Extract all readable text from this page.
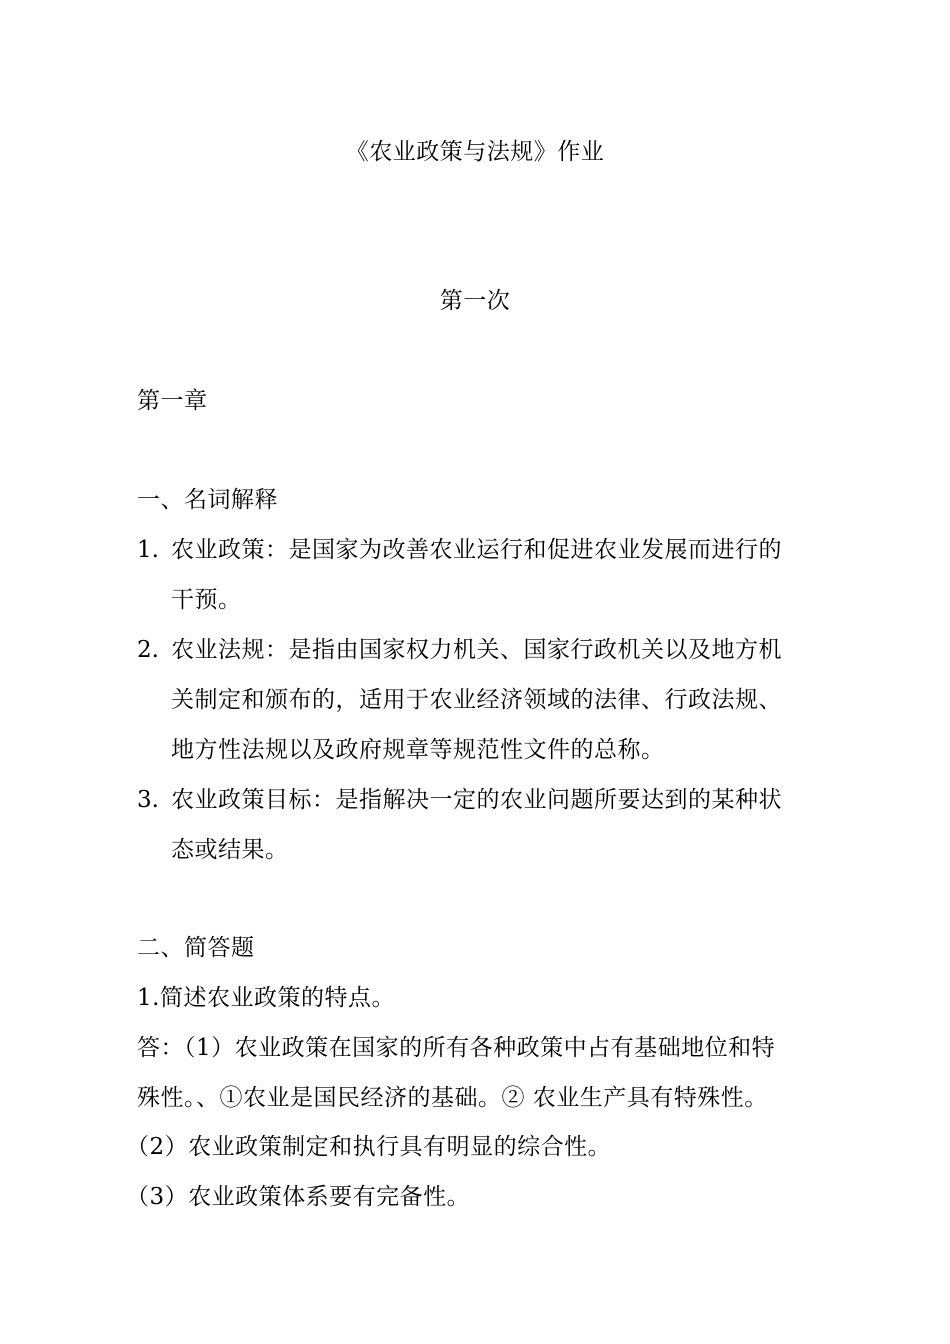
《农业政策与法规》作业
第一次
第一章
一、名词解释
1. 农业政策：是国家为改善农业运行和促进农业发展而进行的
干预。
2. 农业法规：是指由国家权力机关、国家行政机关以及地方机
关制定和颁布的，适用于农业经济领域的法律、行政法规、
地方性法规以及政府规章等规范性文件的总称。
3. 农业政策目标：是指解决一定的农业问题所要达到的某种状
态或结果。
二、简答题
1.简述农业政策的特点。
答：（1）农业政策在国家的所有各种政策中占有基础地位和特
殊性。、①农业是国民经济的基础。② 农业生产具有特殊性。
（2）农业政策制定和执行具有明显的综合性。
（3）农业政策体系要有完备性。
